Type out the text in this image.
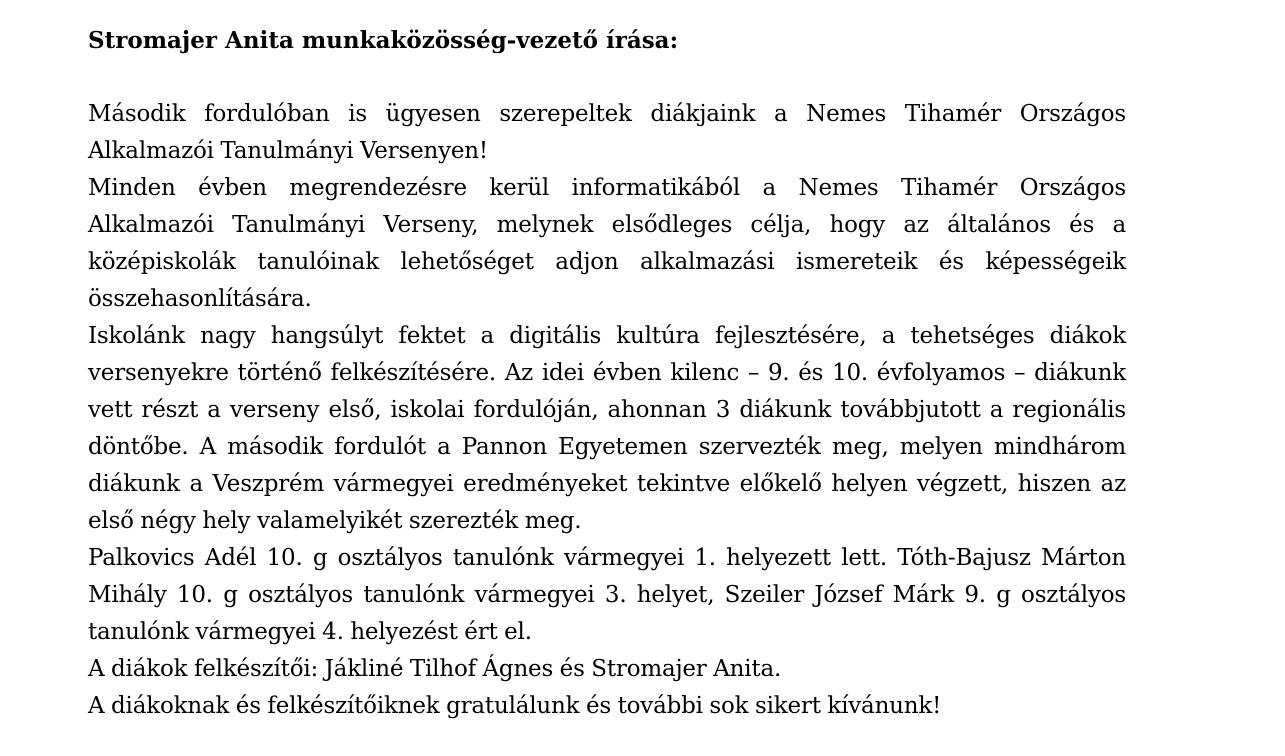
Stromajer Anita munkaközösség-vezető írása:

Második fordulóban is ügyesen szerepeltek diákjaink a Nemes Tihamér Országos Alkalmazói Tanulmányi Versenyen!

Minden évben megrendezésre kerül informatikából a Nemes Tihamér Országos Alkalmazói Tanulmányi Verseny, melynek elsődleges célja, hogy az általános és a középiskolák tanulóinak lehetőséget adjon alkalmazási ismereteik és képességeik összehasonlítására.

Iskolánk nagy hangsúlyt fektet a digitális kultúra fejlesztésére, a tehetséges diákok versenyekre történő felkészítésére. Az idei évben kilenc – 9. és 10. évfolyamos – diákunk vett részt a verseny első, iskolai fordulóján, ahonnan 3 diákunk továbbjutott a regionális döntőbe. A második fordulót a Pannon Egyetemen szervezték meg, melyen mindhárom diákunk a Veszprém vármegyei eredményeket tekintve előkelő helyen végzett, hiszen az első négy hely valamelyikét szerezték meg.

Palkovics Adél 10. g osztályos tanulónk vármegyei 1. helyezett lett. Tóth-Bajusz Márton Mihály 10. g osztályos tanulónk vármegyei 3. helyet, Szeiler József Márk 9. g osztályos tanulónk vármegyei 4. helyezést ért el.

A diákok felkészítői: Jákliné Tilhof Ágnes és Stromajer Anita.

A diákoknak és felkészítőiknek gratulálunk és további sok sikert kívánunk!
